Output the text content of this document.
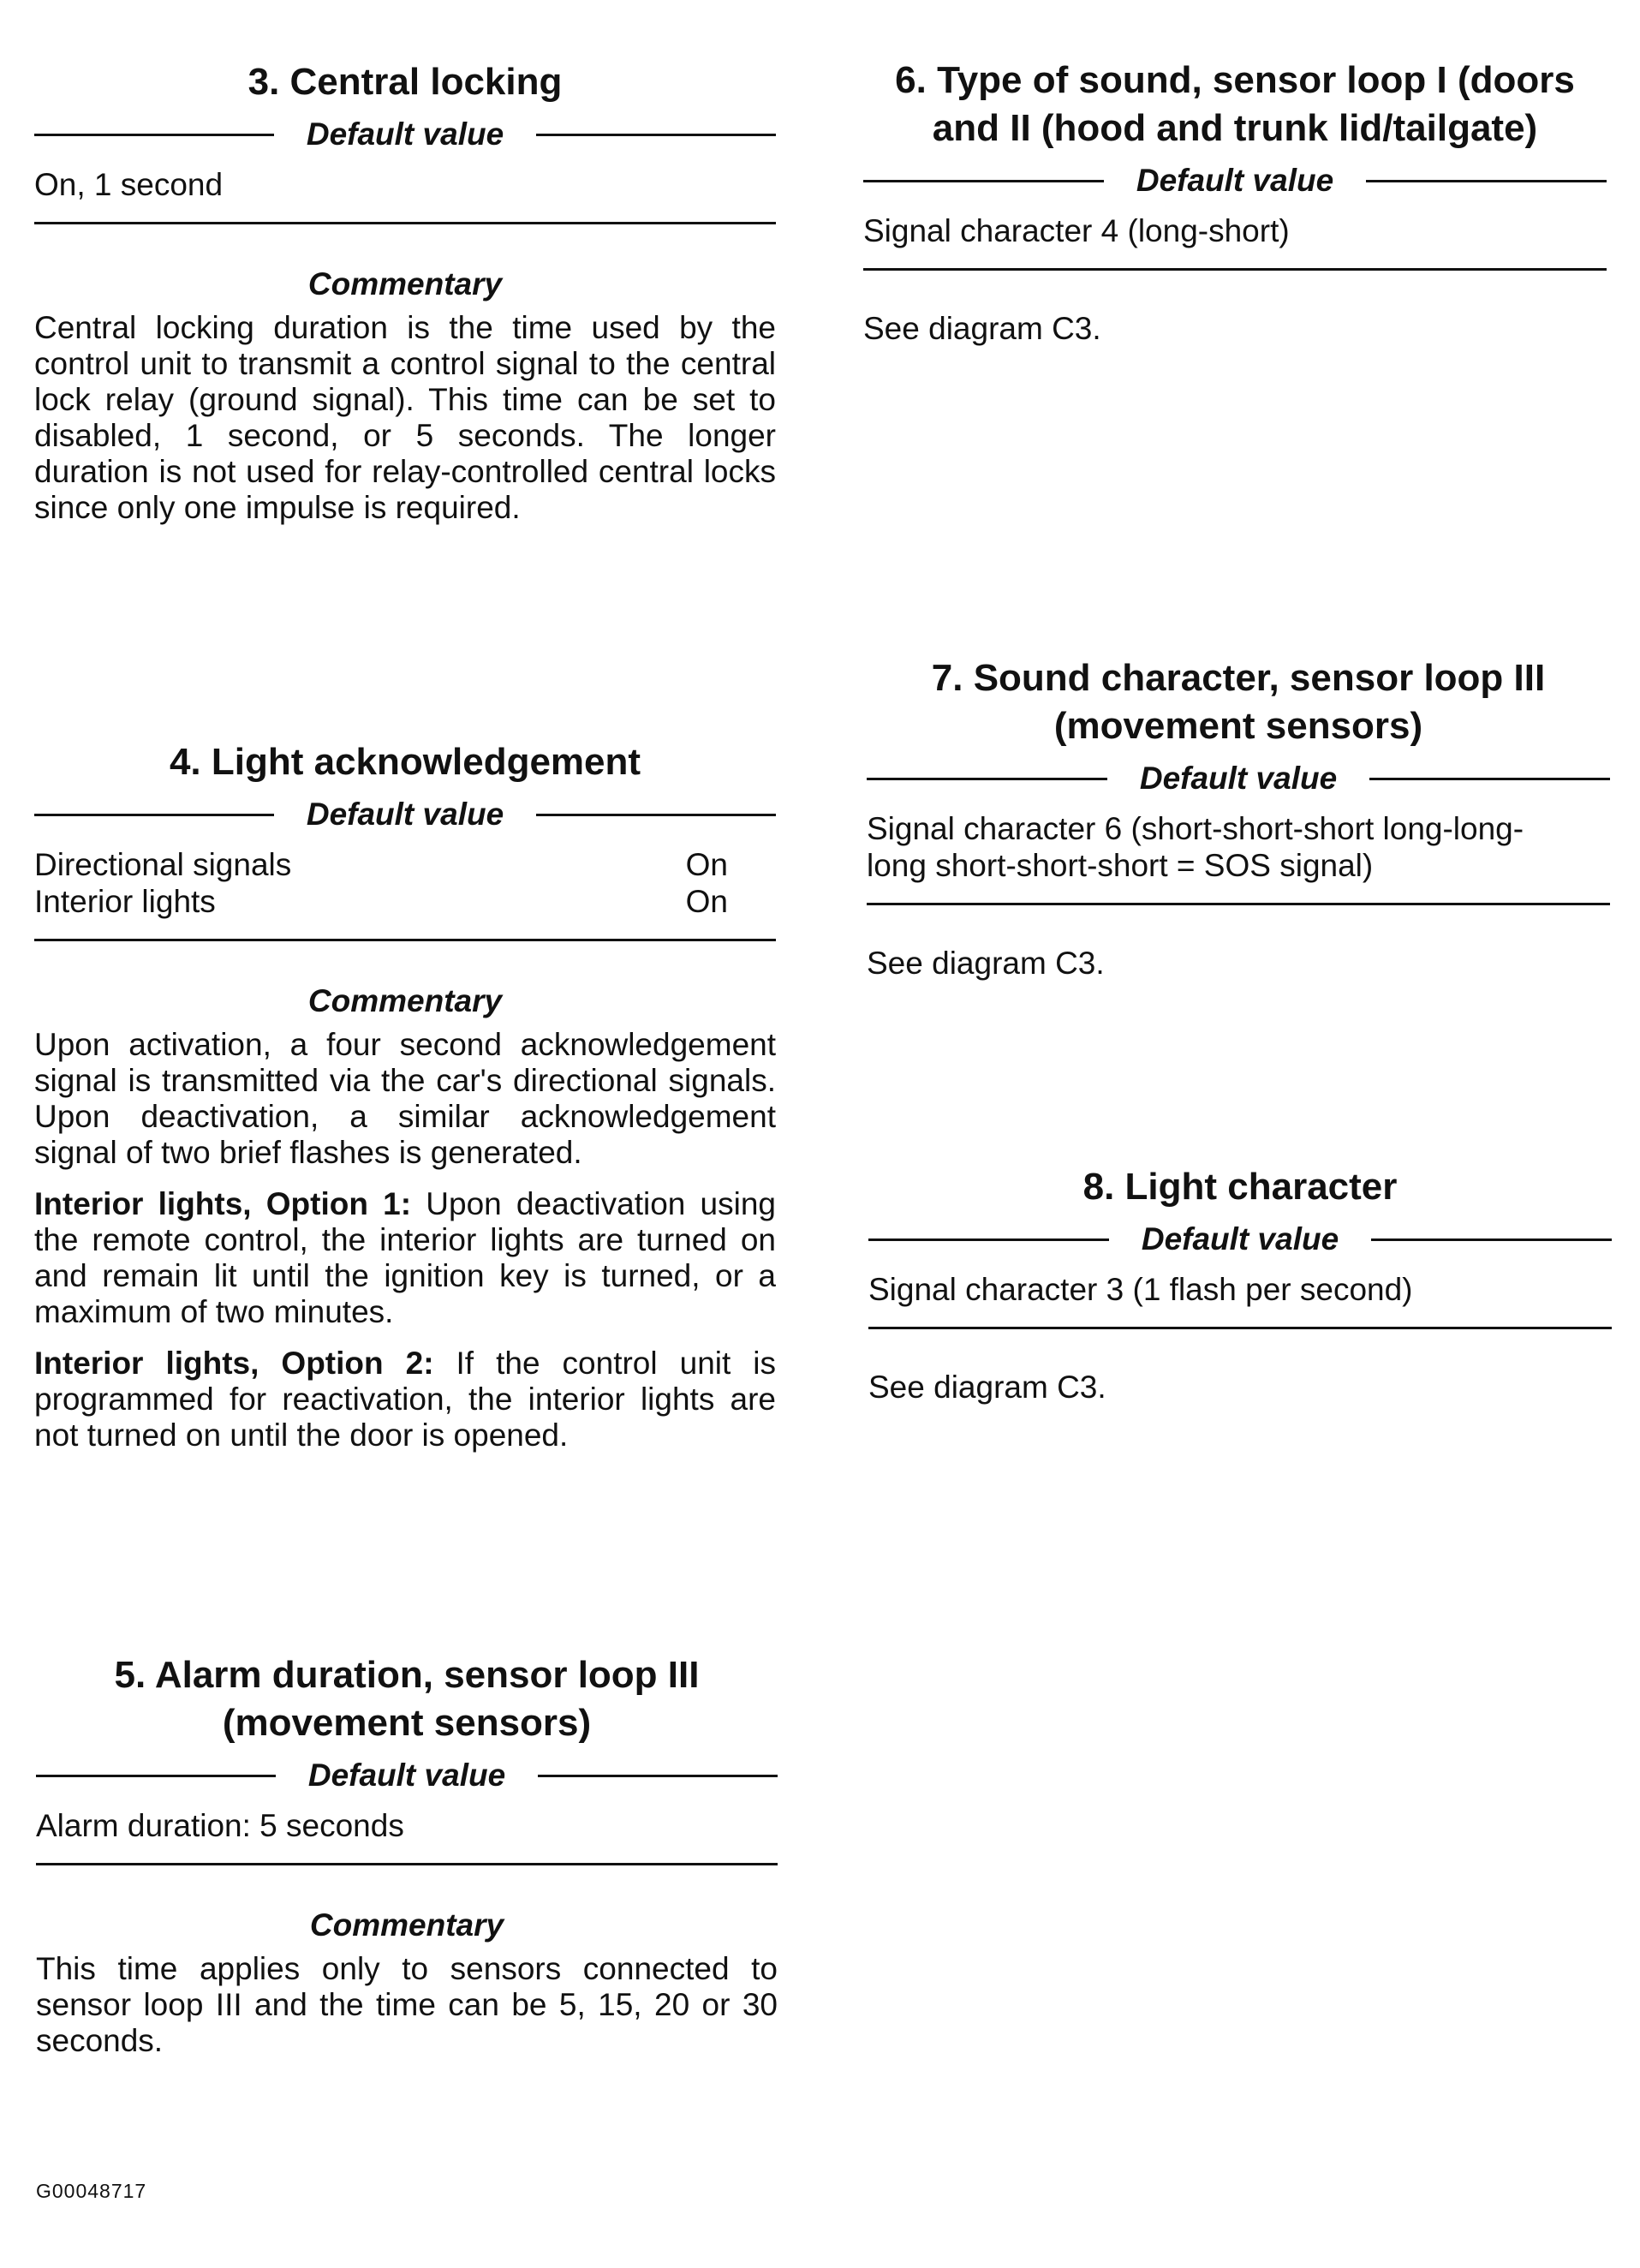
3. Central locking
Default value
On, 1 second
Commentary

Central locking duration is the time used by the control unit to transmit a control signal to the central lock relay (ground signal). This time can be set to disabled, 1 second, or 5 seconds. The longer duration is not used for relay-controlled central locks since only one impulse is required.

4. Light acknowledgement
Default value
Directional signals	On
Interior lights	On
Commentary

Upon activation, a four second acknowledgement signal is transmitted via the car's directional signals. Upon deactivation, a similar acknowledgement signal of two brief flashes is generated.

Interior lights, Option 1: Upon deactivation using the remote control, the interior lights are turned on and remain lit until the ignition key is turned, or a maximum of two minutes.

Interior lights, Option 2: If the control unit is programmed for reactivation, the interior lights are not turned on until the door is opened.

5. Alarm duration, sensor loop III
(movement sensors)
Default value
Alarm duration: 5 seconds
Commentary

This time applies only to sensors connected to sensor loop III and the time can be 5, 15, 20 or 30 seconds.

6. Type of sound, sensor loop I (doors
and II (hood and trunk lid/tailgate)
Default value
Signal character 4 (long-short)
See diagram C3.
7. Sound character, sensor loop III
(movement sensors)
Default value
Signal character 6 (short-short-short long-long-
long short-short-short = SOS signal)
See diagram C3.
8. Light character
Default value
Signal character 3 (1 flash per second)
See diagram C3.
G00048717
